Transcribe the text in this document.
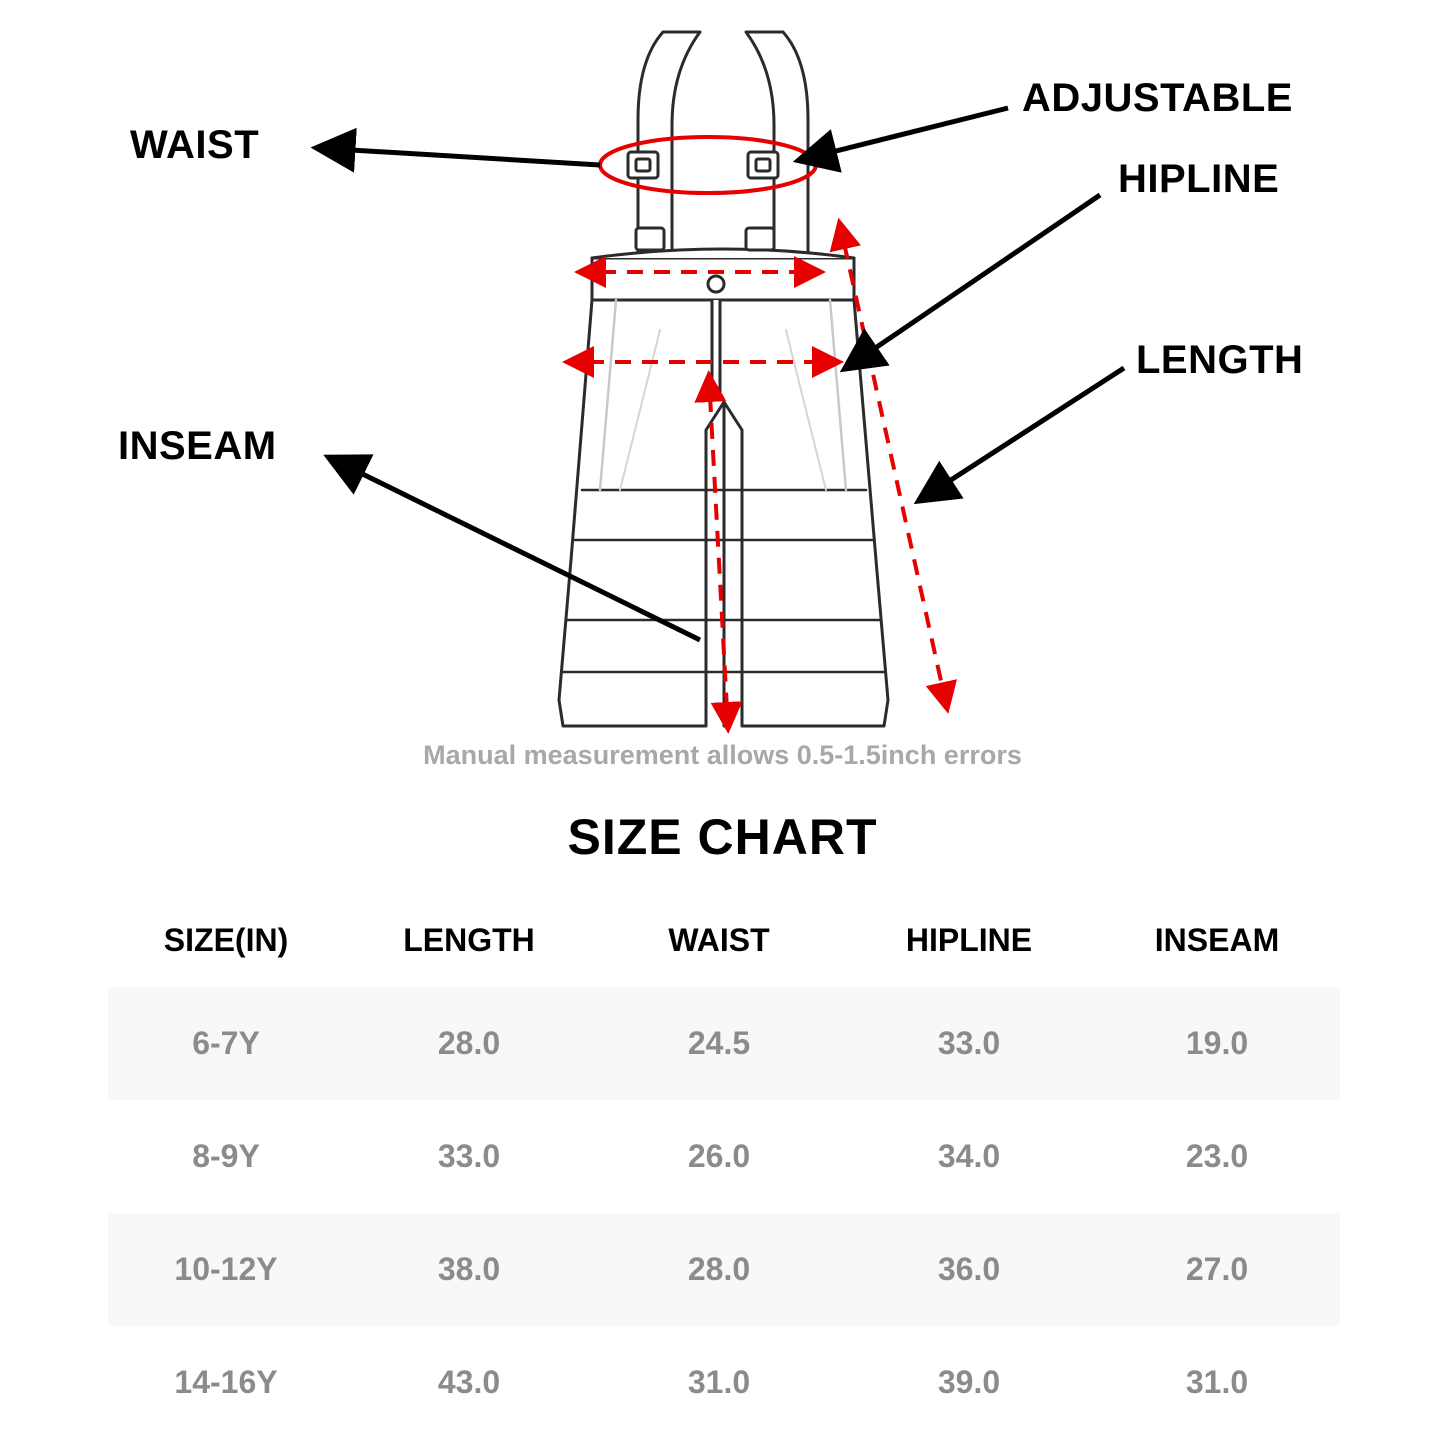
WAIST
ADJUSTABLE
HIPLINE
LENGTH
INSEAM
Manual measurement allows 0.5-1.5inch errors
SIZE CHART
SIZE(IN)	LENGTH	WAIST	HIPLINE	INSEAM
6-7Y	28.0	24.5	33.0	19.0
8-9Y	33.0	26.0	34.0	23.0
10-12Y	38.0	28.0	36.0	27.0
14-16Y	43.0	31.0	39.0	31.0
